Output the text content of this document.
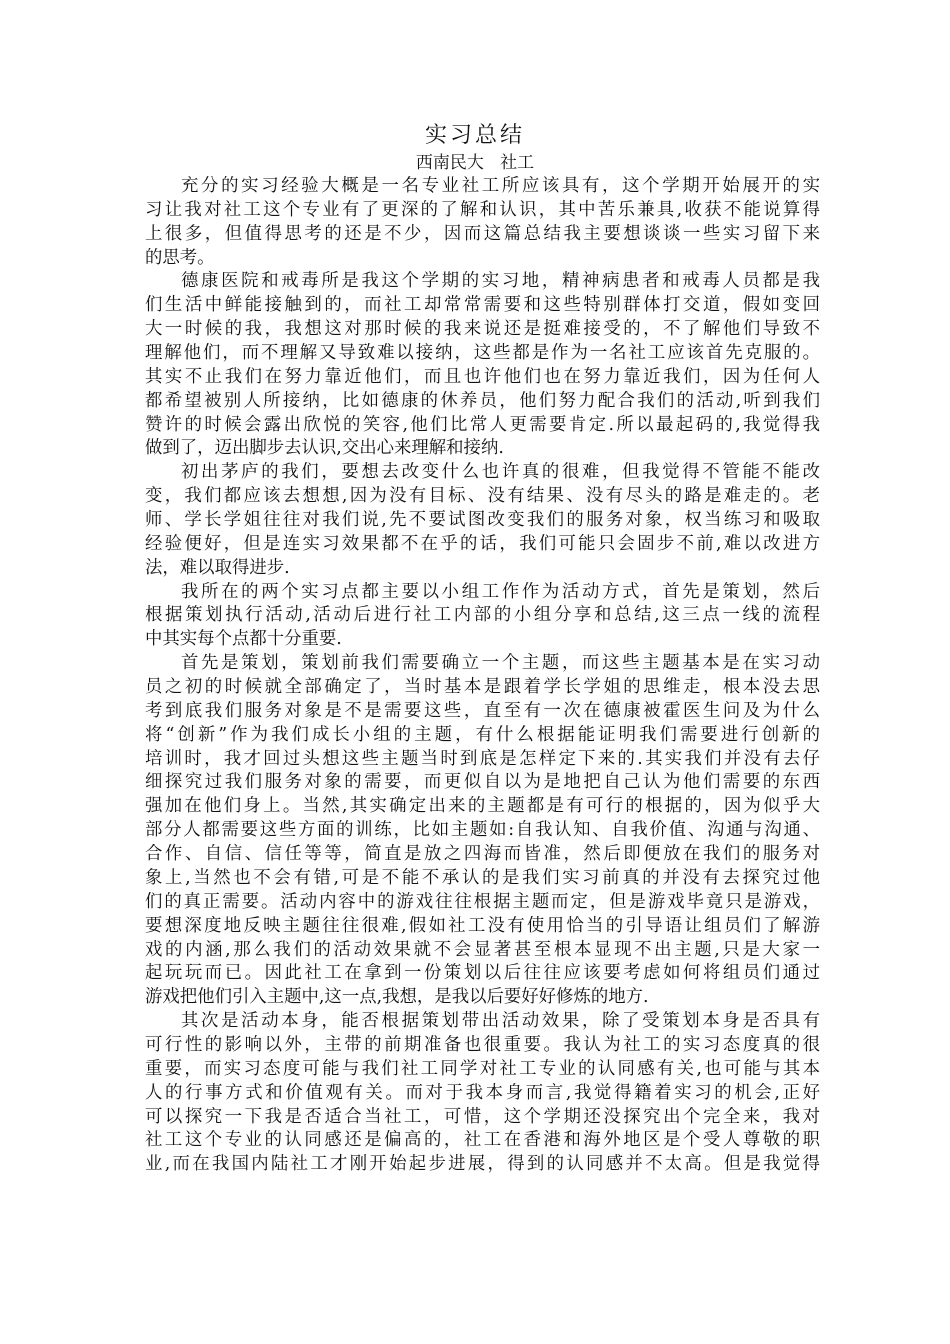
实习总结
西南民大   社工
充分的实习经验大概是一名专业社工所应该具有，这个学期开始展开的实
习让我对社工这个专业有了更深的了解和认识，其中苦乐兼具,收获不能说算得
上很多，但值得思考的还是不少，因而这篇总结我主要想谈谈一些实习留下来
的思考。
德康医院和戒毒所是我这个学期的实习地，精神病患者和戒毒人员都是我
们生活中鲜能接触到的，而社工却常常需要和这些特别群体打交道，假如变回
大一时候的我，我想这对那时候的我来说还是挺难接受的，不了解他们导致不
理解他们，而不理解又导致难以接纳，这些都是作为一名社工应该首先克服的。
其实不止我们在努力靠近他们，而且也许他们也在努力靠近我们，因为任何人
都希望被别人所接纳，比如德康的休养员，他们努力配合我们的活动,听到我们
赞许的时候会露出欣悦的笑容,他们比常人更需要肯定.所以最起码的,我觉得我
做到了，迈出脚步去认识,交出心来理解和接纳.
初出茅庐的我们，要想去改变什么也许真的很难，但我觉得不管能不能改
变，我们都应该去想想,因为没有目标、没有结果、没有尽头的路是难走的。老
师、学长学姐往往对我们说,先不要试图改变我们的服务对象，权当练习和吸取
经验便好，但是连实习效果都不在乎的话，我们可能只会固步不前,难以改进方
法，难以取得进步.
我所在的两个实习点都主要以小组工作作为活动方式，首先是策划，然后
根据策划执行活动,活动后进行社工内部的小组分享和总结,这三点一线的流程
中其实每个点都十分重要.
首先是策划，策划前我们需要确立一个主题，而这些主题基本是在实习动
员之初的时候就全部确定了，当时基本是跟着学长学姐的思维走，根本没去思
考到底我们服务对象是不是需要这些，直至有一次在德康被霍医生问及为什么
将“创新”作为我们成长小组的主题，有什么根据能证明我们需要进行创新的
培训时，我才回过头想这些主题当时到底是怎样定下来的.其实我们并没有去仔
细探究过我们服务对象的需要，而更似自以为是地把自己认为他们需要的东西
强加在他们身上。当然,其实确定出来的主题都是有可行的根据的，因为似乎大
部分人都需要这些方面的训练，比如主题如:自我认知、自我价值、沟通与沟通、
合作、自信、信任等等，简直是放之四海而皆准，然后即便放在我们的服务对
象上,当然也不会有错,可是不能不承认的是我们实习前真的并没有去探究过他
们的真正需要。活动内容中的游戏往往根据主题而定，但是游戏毕竟只是游戏，
要想深度地反映主题往往很难,假如社工没有使用恰当的引导语让组员们了解游
戏的内涵,那么我们的活动效果就不会显著甚至根本显现不出主题,只是大家一
起玩玩而已。因此社工在拿到一份策划以后往往应该要考虑如何将组员们通过
游戏把他们引入主题中,这一点,我想，是我以后要好好修炼的地方.
其次是活动本身，能否根据策划带出活动效果，除了受策划本身是否具有
可行性的影响以外，主带的前期准备也很重要。我认为社工的实习态度真的很
重要，而实习态度可能与我们社工同学对社工专业的认同感有关,也可能与其本
人的行事方式和价值观有关。而对于我本身而言,我觉得籍着实习的机会,正好
可以探究一下我是否适合当社工，可惜，这个学期还没探究出个完全来，我对
社工这个专业的认同感还是偏高的，社工在香港和海外地区是个受人尊敬的职
业,而在我国内陆社工才刚开始起步进展，得到的认同感并不太高。但是我觉得
